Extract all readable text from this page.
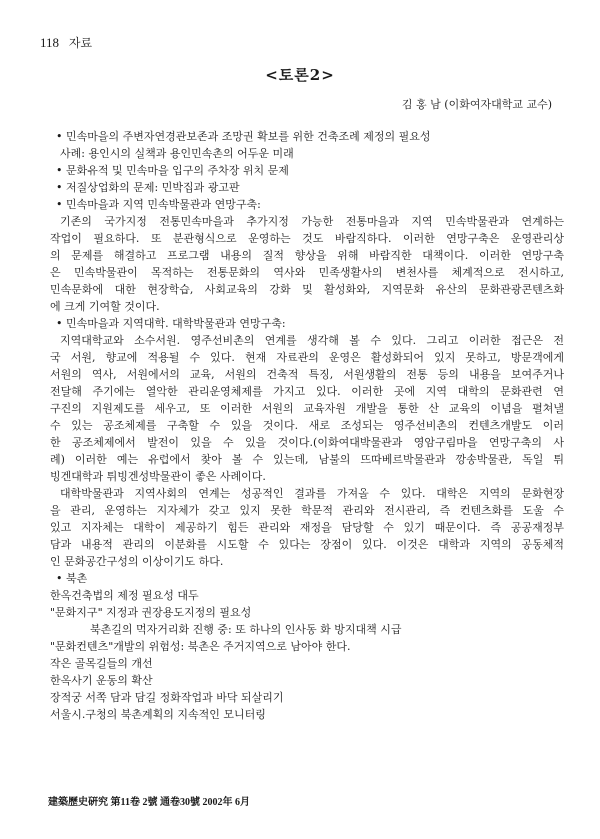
118 자료
<토론2>
김 홍 남 (이화여자대학교 교수)
• 민속마을의 주변자연경관보존과 조망권 확보를 위한 건축조례 제정의 필요성
사례: 용인시의 실책과 용인민속촌의 어두운 미래
• 문화유적 및 민속마을 입구의 주차장 위치 문제
• 저질상업화의 문제: 민박집과 광고판
• 민속마을과 지역 민속박물관과 연망구축:
기존의 국가지정 전통민속마을과 추가지정 가능한 전통마을과 지역 민속박물관과 연계하는
작업이 필요하다. 또 분관형식으로 운영하는 것도 바람직하다. 이러한 연망구축은 운영관리상
의 문제를 해결하고 프로그램 내용의 질적 향상을 위해 바람직한 대책이다. 이러한 연망구축
은 민속박물관이 목적하는 전통문화의 역사와 민족생활사의 변천사를 체계적으로 전시하고,
민속문화에 대한 현장학습, 사회교육의 강화 및 활성화와, 지역문화 유산의 문화관광콘텐츠화
에 크게 기여할 것이다.
• 민속마을과 지역대학. 대학박물관과 연망구축:
지역대학교와 소수서원. 영주선비촌의 연계를 생각해 볼 수 있다. 그리고 이러한 접근은 전
국 서원, 향교에 적용될 수 있다. 현재 자료관의 운영은 활성화되어 있지 못하고, 방문객에게
서원의 역사, 서원에서의 교육, 서원의 건축적 특징, 서원생활의 전통 등의 내용을 보여주거나
전달해 주기에는 열악한 관리운영체제를 가지고 있다. 이러한 곳에 지역 대학의 문화관련 연
구진의 지원제도를 세우고, 또 이러한 서원의 교육자원 개발을 통한 산 교육의 이념을 펼쳐낼
수 있는 공조체제를 구축할 수 있을 것이다. 새로 조성되는 영주선비촌의 컨텐츠개발도 이러
한 공조체제에서 발전이 있을 수 있을 것이다.(이화여대박물관과 영암구림마을 연망구축의 사
례) 이러한 예는 유럽에서 찾아 볼 수 있는데, 남불의 뜨따베르박물관과 깡송박물관, 독일 튀
빙겐대학과 튀빙겐성박물관이 좋은 사례이다.
대학박물관과 지역사회의 연계는 성공적인 결과를 가져올 수 있다. 대학은 지역의 문화현장
을 관리, 운영하는 지자체가 갖고 있지 못한 학문적 관리와 전시관리, 즉 컨텐츠화를 도울 수
있고 지자체는 대학이 제공하기 힘든 관리와 재정을 담당할 수 있기 때문이다. 즉 공공재정부
담과 내용적 관리의 이분화를 시도할 수 있다는 장점이 있다. 이것은 대학과 지역의 공동체적
인 문화공간구성의 이상이기도 하다.
• 북촌
한옥건축법의 제정 필요성 대두
"문화지구" 지정과 권장용도지정의 필요성
북촌길의 먹자거리화 진행 중: 또 하나의 인사동 화 방지대책 시급
"문화컨텐츠"개발의 위험성: 북촌은 주거지역으로 남아야 한다.
작은 골목길들의 개선
한옥사기 운동의 확산
장적궁 서쪽 담과 담길 정화작업과 바닥 되살리기
서울시.구청의 북촌계획의 지속적인 모니터링
建築歷史硏究 第11卷 2號 通卷30號 2002年 6月
